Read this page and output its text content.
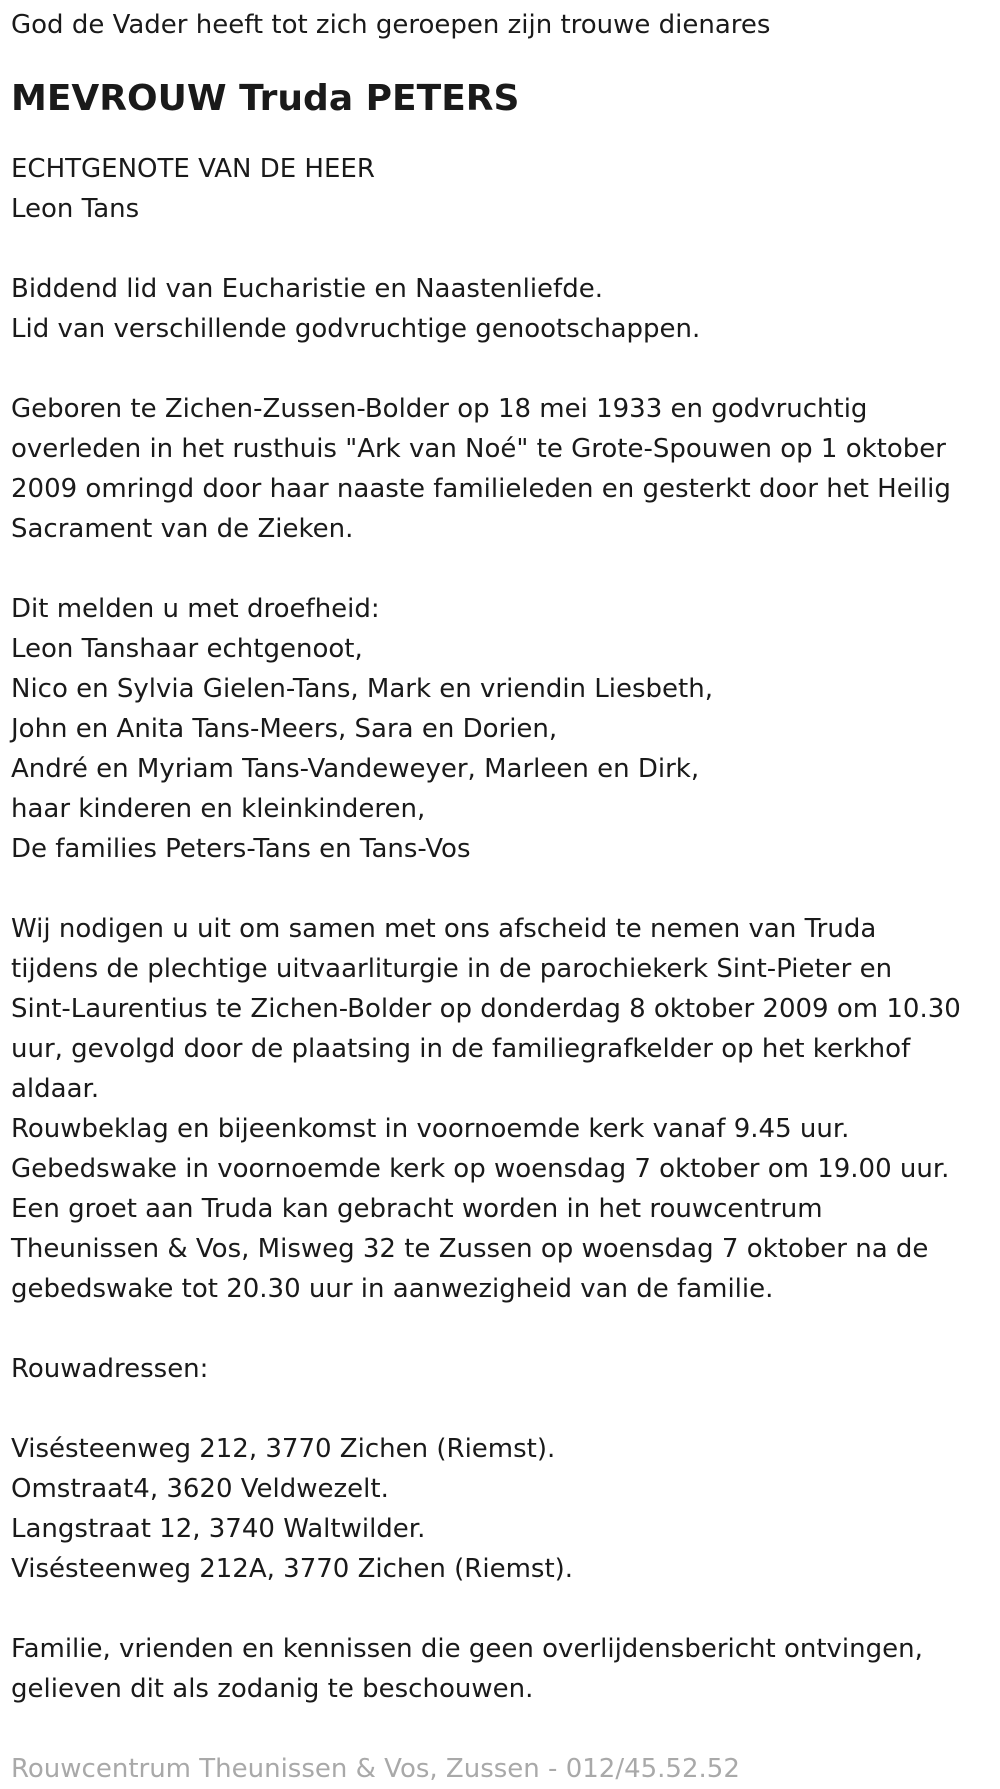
God de Vader heeft tot zich geroepen zijn trouwe dienares

MEVROUW Truda PETERS

ECHTGENOTE VAN DE HEER

Leon Tans

Biddend lid van Eucharistie en Naastenliefde.

Lid van verschillende godvruchtige genootschappen.

Geboren te Zichen-Zussen-Bolder op 18 mei 1933 en godvruchtig

overleden in het rusthuis "Ark van Noé" te Grote-Spouwen op 1 oktober

2009 omringd door haar naaste familieleden en gesterkt door het Heilig

Sacrament van de Zieken.

Dit melden u met droefheid:

Leon Tanshaar echtgenoot,

Nico en Sylvia Gielen-Tans, Mark en vriendin Liesbeth,

John en Anita Tans-Meers, Sara en Dorien,

André en Myriam Tans-Vandeweyer, Marleen en Dirk,

haar kinderen en kleinkinderen,

De families Peters-Tans en Tans-Vos

Wij nodigen u uit om samen met ons afscheid te nemen van Truda

tijdens de plechtige uitvaarliturgie in de parochiekerk Sint-Pieter en

Sint-Laurentius te Zichen-Bolder op donderdag 8 oktober 2009 om 10.30

uur, gevolgd door de plaatsing in de familiegrafkelder op het kerkhof

aldaar.

Rouwbeklag en bijeenkomst in voornoemde kerk vanaf 9.45 uur.

Gebedswake in voornoemde kerk op woensdag 7 oktober om 19.00 uur.

Een groet aan Truda kan gebracht worden in het rouwcentrum

Theunissen & Vos, Misweg 32 te Zussen op woensdag 7 oktober na de

gebedswake tot 20.30 uur in aanwezigheid van de familie.

Rouwadressen:

Visésteenweg 212, 3770 Zichen (Riemst).

Omstraat4, 3620 Veldwezelt.

Langstraat 12, 3740 Waltwilder.

Visésteenweg 212A, 3770 Zichen (Riemst).

Familie, vrienden en kennissen die geen overlijdensbericht ontvingen,

gelieven dit als zodanig te beschouwen.

Rouwcentrum Theunissen & Vos, Zussen - 012/45.52.52
